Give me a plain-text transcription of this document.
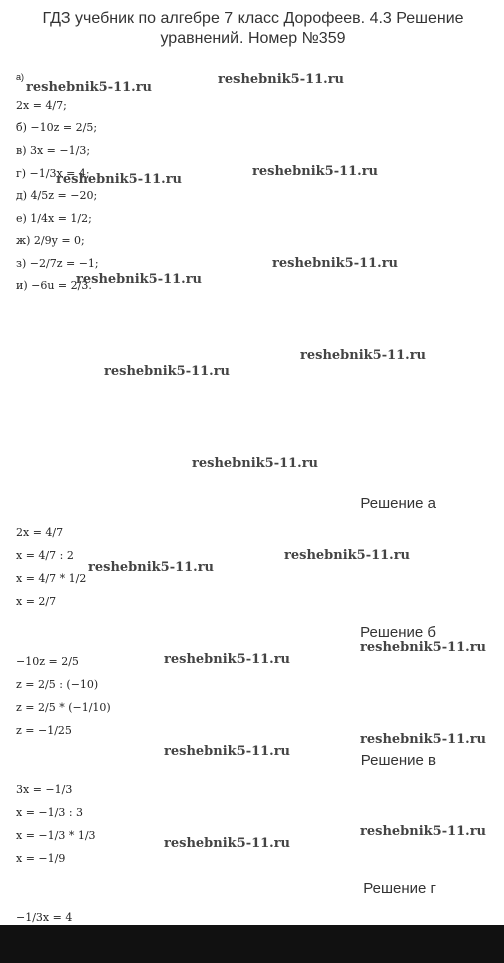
ГДЗ учебник по алгебре 7 класс Дорофеев. 4.3 Решение уравнений. Номер №359
а)
2x = 4/7;
б) −10z = 2/5;
в) 3x = −1/3;
г) −1/3x = 4;
д) 4/5z = −20;
е) 1/4x = 1/2;
ж) 2/9y = 0;
з) −2/7z = −1;
и) −6u = 2/3.
reshebnik5-11.ru
reshebnik5-11.ru
reshebnik5-11.ru
reshebnik5-11.ru
reshebnik5-11.ru
reshebnik5-11.ru
reshebnik5-11.ru
reshebnik5-11.ru
reshebnik5-11.ru
reshebnik5-11.ru
reshebnik5-11.ru
reshebnik5-11.ru
reshebnik5-11.ru
reshebnik5-11.ru
reshebnik5-11.ru
reshebnik5-11.ru
reshebnik5-11.ru
Решение а
2x = 4/7
x = 4/7 : 2
x = 4/7 * 1/2
x = 2/7
Решение б
−10z = 2/5
z = 2/5 : (−10)
z = 2/5 * (−1/10)
z = −1/25
Решение в
3x = −1/3
x = −1/3 : 3
x = −1/3 * 1/3
x = −1/9
Решение г
−1/3x = 4
